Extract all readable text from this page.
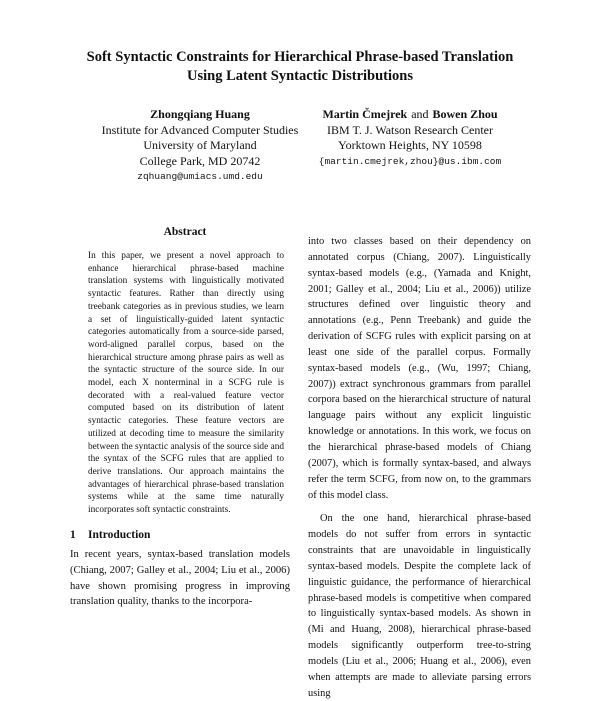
Soft Syntactic Constraints for Hierarchical Phrase-based Translation
Using Latent Syntactic Distributions
Zhongqiang Huang
Institute for Advanced Computer Studies
University of Maryland
College Park, MD 20742
zqhuang@umiacs.umd.edu
Martin Čmejrek and Bowen Zhou
IBM T. J. Watson Research Center
Yorktown Heights, NY 10598
{martin.cmejrek,zhou}@us.ibm.com
Abstract
In this paper, we present a novel approach to enhance hierarchical phrase-based machine translation systems with linguistically motivated syntactic features. Rather than directly using treebank categories as in previous studies, we learn a set of linguistically-guided latent syntactic categories automatically from a source-side parsed, word-aligned parallel corpus, based on the hierarchical structure among phrase pairs as well as the syntactic structure of the source side. In our model, each X nonterminal in a SCFG rule is decorated with a real-valued feature vector computed based on its distribution of latent syntactic categories. These feature vectors are utilized at decoding time to measure the similarity between the syntactic analysis of the source side and the syntax of the SCFG rules that are applied to derive translations. Our approach maintains the advantages of hierarchical phrase-based translation systems while at the same time naturally incorporates soft syntactic constraints.
1 Introduction
In recent years, syntax-based translation models (Chiang, 2007; Galley et al., 2004; Liu et al., 2006) have shown promising progress in improving translation quality, thanks to the incorpora-

into two classes based on their dependency on annotated corpus (Chiang, 2007). Linguistically syntax-based models (e.g., (Yamada and Knight, 2001; Galley et al., 2004; Liu et al., 2006)) utilize structures defined over linguistic theory and annotations (e.g., Penn Treebank) and guide the derivation of SCFG rules with explicit parsing on at least one side of the parallel corpus. Formally syntax-based models (e.g., (Wu, 1997; Chiang, 2007)) extract synchronous grammars from parallel corpora based on the hierarchical structure of natural language pairs without any explicit linguistic knowledge or annotations. In this work, we focus on the hierarchical phrase-based models of Chiang (2007), which is formally syntax-based, and always refer the term SCFG, from now on, to the grammars of this model class.

On the one hand, hierarchical phrase-based models do not suffer from errors in syntactic constraints that are unavoidable in linguistically syntax-based models. Despite the complete lack of linguistic guidance, the performance of hierarchical phrase-based models is competitive when compared to linguistically syntax-based models. As shown in (Mi and Huang, 2008), hierarchical phrase-based models significantly outperform tree-to-string models (Liu et al., 2006; Huang et al., 2006), even when attempts are made to alleviate parsing errors using
